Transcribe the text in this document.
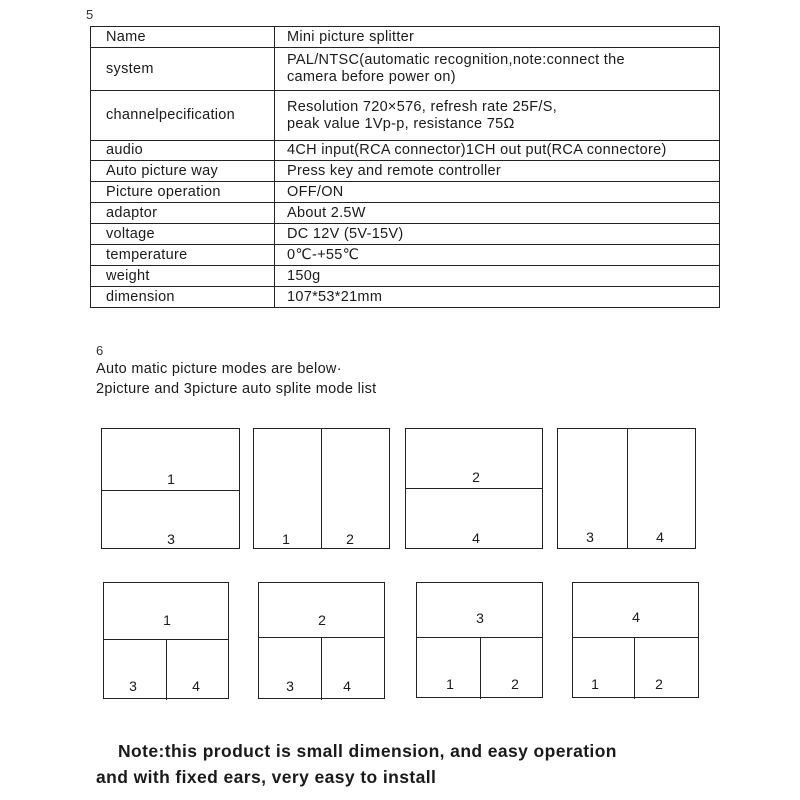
5
Name	Mini picture splitter

system	PAL/NTSC(automatic recognition,note:connect the
camera before power on)

channelpecification	Resolution 720×576, refresh rate 25F/S,
peak value 1Vp-p, resistance 75Ω

audio	4CH input(RCA connector)1CH out put(RCA connectore)

Auto picture way	Press key and remote controller

Picture operation	OFF/ON

adaptor	About 2.5W

voltage	DC 12V (5V-15V)

temperature	0℃-+55℃

weight	150g

dimension	107*53*21mm
6
Auto matic picture modes are below·
2picture and 3picture auto splite mode list
1
3	1	2
2
4	3	4
1
3	4
2
3	4
3
1	2
4
1	2
Note:this product is small dimension, and easy operation
and with fixed ears, very easy to install
